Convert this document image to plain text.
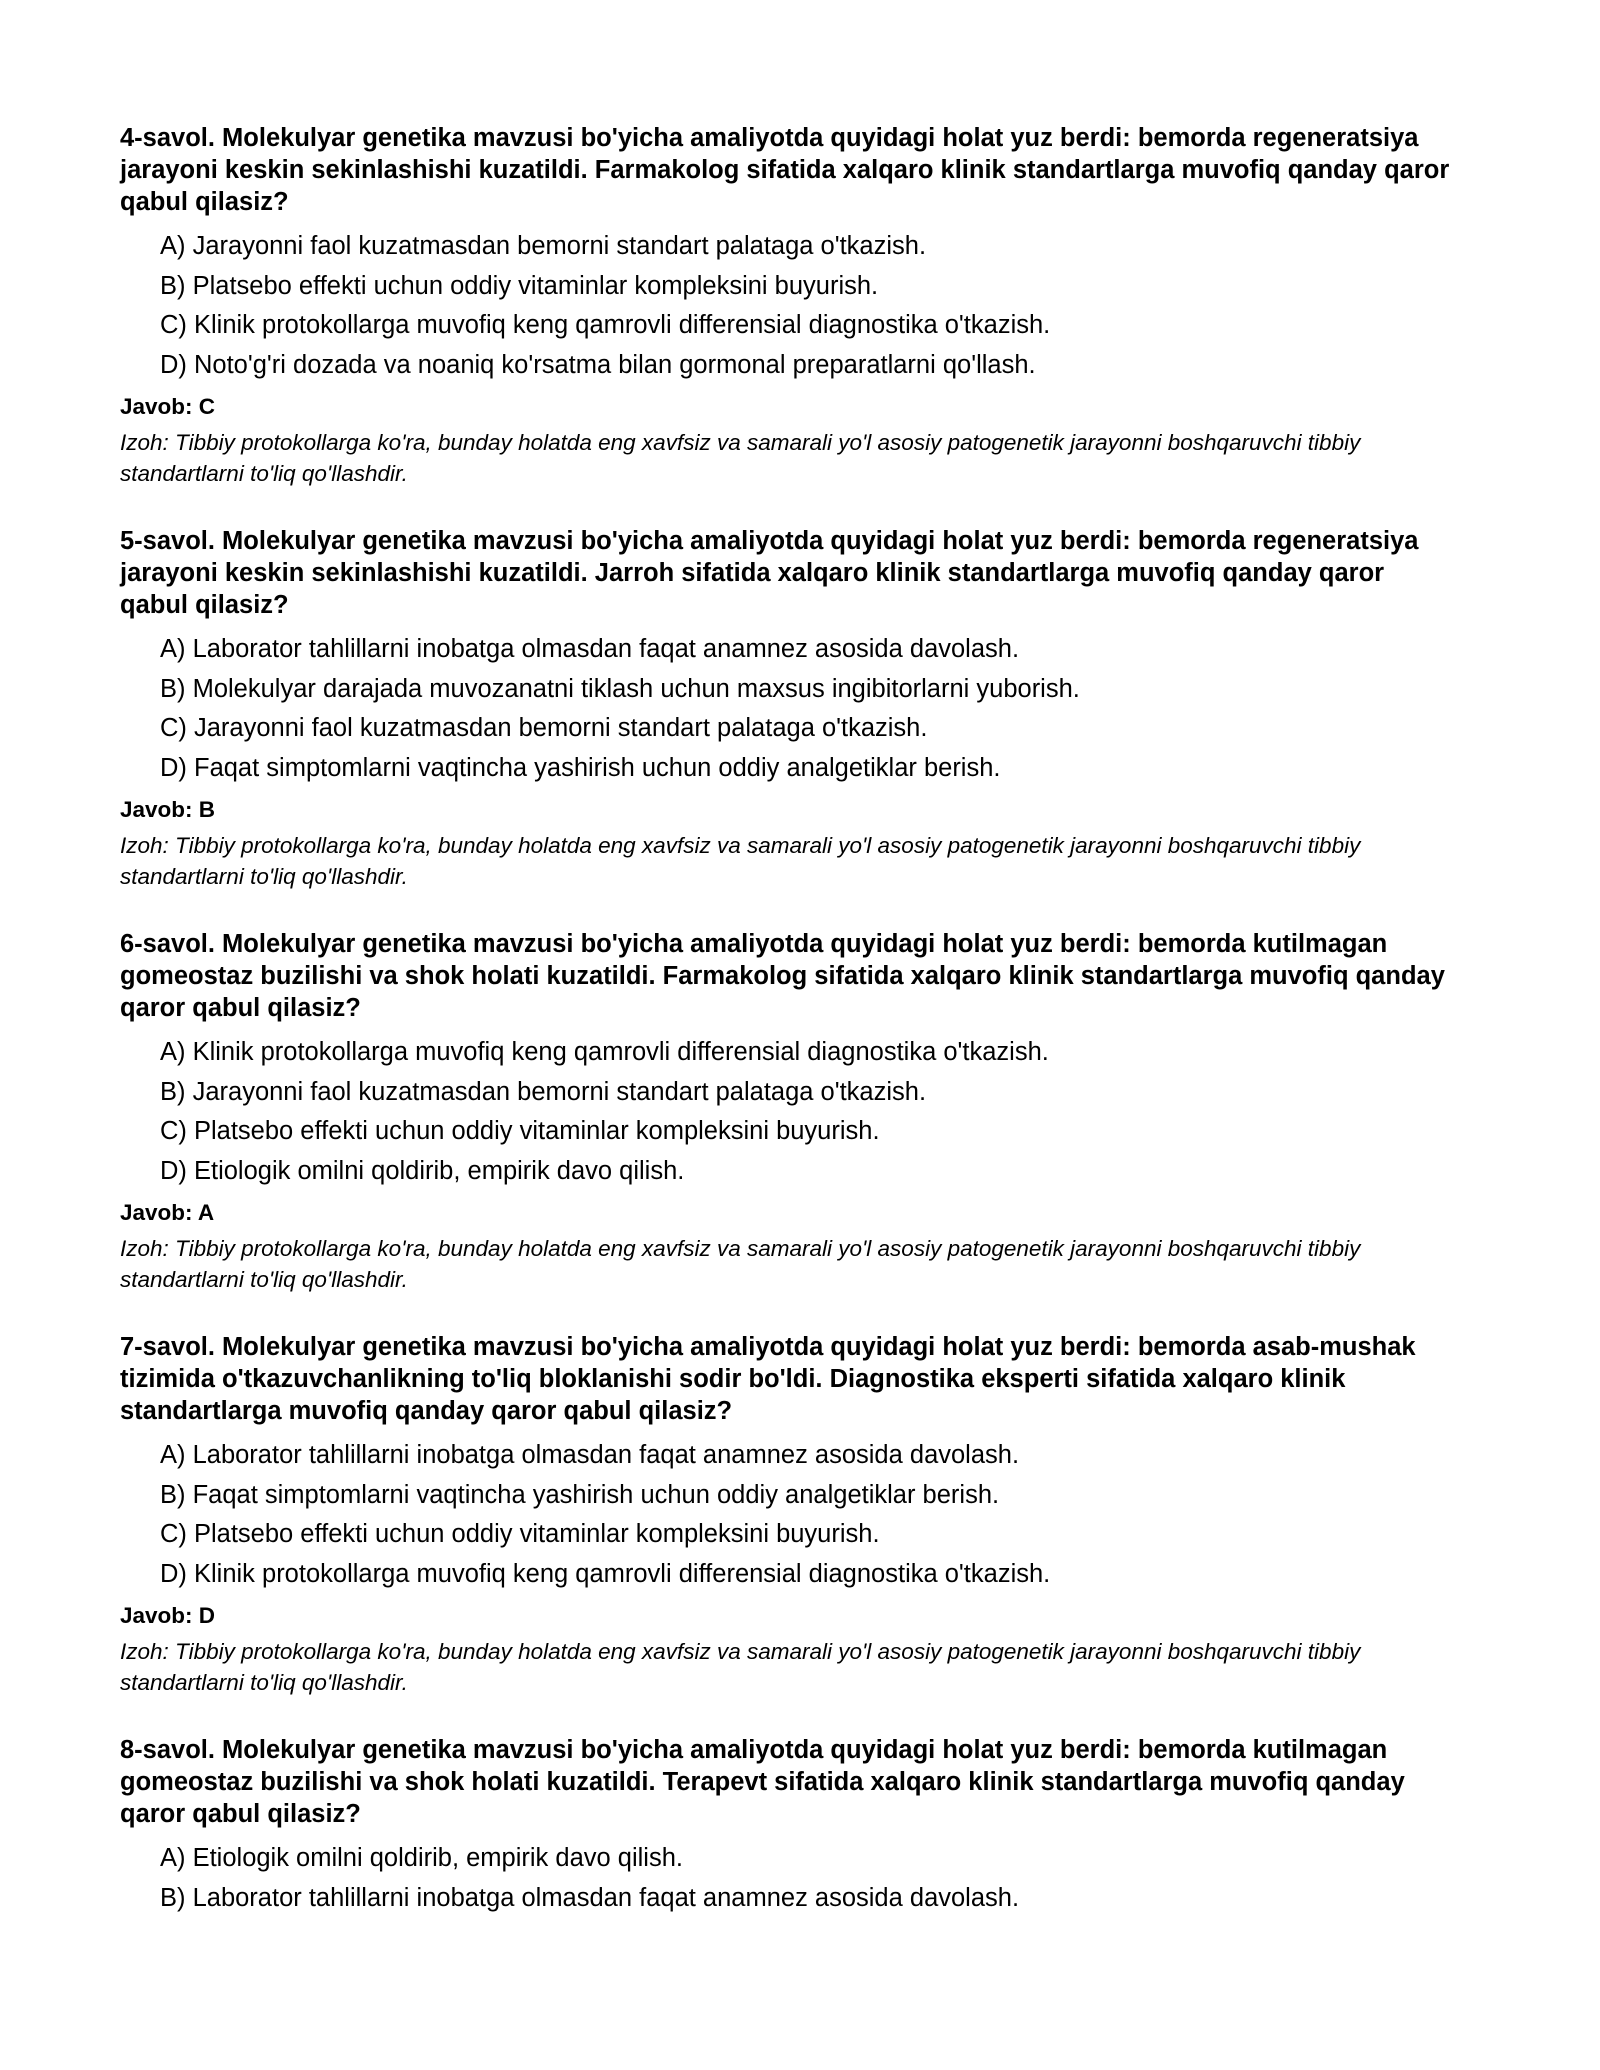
4-savol. Molekulyar genetika mavzusi bo'yicha amaliyotda quyidagi holat yuz berdi: bemorda regeneratsiya jarayoni keskin sekinlashishi kuzatildi. Farmakolog sifatida xalqaro klinik standartlarga muvofiq qanday qaror qabul qilasiz?
A) Jarayonni faol kuzatmasdan bemorni standart palataga o'tkazish.
B) Platsebo effekti uchun oddiy vitaminlar kompleksini buyurish.
C) Klinik protokollarga muvofiq keng qamrovli differensial diagnostika o'tkazish.
D) Noto'g'ri dozada va noaniq ko'rsatma bilan gormonal preparatlarni qo'llash.
Javob: C
Izoh: Tibbiy protokollarga ko'ra, bunday holatda eng xavfsiz va samarali yo'l asosiy patogenetik jarayonni boshqaruvchi tibbiy standartlarni to'liq qo'llashdir.
5-savol. Molekulyar genetika mavzusi bo'yicha amaliyotda quyidagi holat yuz berdi: bemorda regeneratsiya jarayoni keskin sekinlashishi kuzatildi. Jarroh sifatida xalqaro klinik standartlarga muvofiq qanday qaror qabul qilasiz?
A) Laborator tahlillarni inobatga olmasdan faqat anamnez asosida davolash.
B) Molekulyar darajada muvozanatni tiklash uchun maxsus ingibitorlarni yuborish.
C) Jarayonni faol kuzatmasdan bemorni standart palataga o'tkazish.
D) Faqat simptomlarni vaqtincha yashirish uchun oddiy analgetiklar berish.
Javob: B
Izoh: Tibbiy protokollarga ko'ra, bunday holatda eng xavfsiz va samarali yo'l asosiy patogenetik jarayonni boshqaruvchi tibbiy standartlarni to'liq qo'llashdir.
6-savol. Molekulyar genetika mavzusi bo'yicha amaliyotda quyidagi holat yuz berdi: bemorda kutilmagan gomeostaz buzilishi va shok holati kuzatildi. Farmakolog sifatida xalqaro klinik standartlarga muvofiq qanday qaror qabul qilasiz?
A) Klinik protokollarga muvofiq keng qamrovli differensial diagnostika o'tkazish.
B) Jarayonni faol kuzatmasdan bemorni standart palataga o'tkazish.
C) Platsebo effekti uchun oddiy vitaminlar kompleksini buyurish.
D) Etiologik omilni qoldirib, empirik davo qilish.
Javob: A
Izoh: Tibbiy protokollarga ko'ra, bunday holatda eng xavfsiz va samarali yo'l asosiy patogenetik jarayonni boshqaruvchi tibbiy standartlarni to'liq qo'llashdir.
7-savol. Molekulyar genetika mavzusi bo'yicha amaliyotda quyidagi holat yuz berdi: bemorda asab-mushak tizimida o'tkazuvchanlikning to'liq bloklanishi sodir bo'ldi. Diagnostika eksperti sifatida xalqaro klinik standartlarga muvofiq qanday qaror qabul qilasiz?
A) Laborator tahlillarni inobatga olmasdan faqat anamnez asosida davolash.
B) Faqat simptomlarni vaqtincha yashirish uchun oddiy analgetiklar berish.
C) Platsebo effekti uchun oddiy vitaminlar kompleksini buyurish.
D) Klinik protokollarga muvofiq keng qamrovli differensial diagnostika o'tkazish.
Javob: D
Izoh: Tibbiy protokollarga ko'ra, bunday holatda eng xavfsiz va samarali yo'l asosiy patogenetik jarayonni boshqaruvchi tibbiy standartlarni to'liq qo'llashdir.
8-savol. Molekulyar genetika mavzusi bo'yicha amaliyotda quyidagi holat yuz berdi: bemorda kutilmagan gomeostaz buzilishi va shok holati kuzatildi. Terapevt sifatida xalqaro klinik standartlarga muvofiq qanday qaror qabul qilasiz?
A) Etiologik omilni qoldirib, empirik davo qilish.
B) Laborator tahlillarni inobatga olmasdan faqat anamnez asosida davolash.
